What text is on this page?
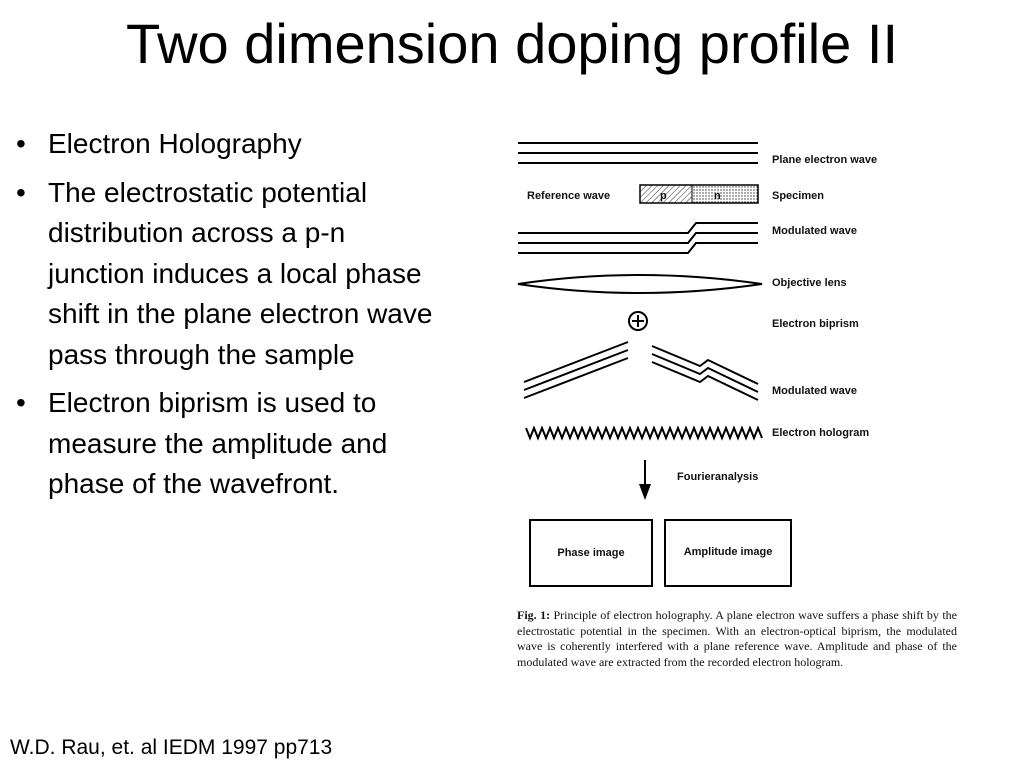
Two dimension doping profile II
• Electron Holography
• The electrostatic potential distribution across a p-n junction induces a local phase shift in the plane electron wave pass through the sample
• Electron biprism is used to measure the amplitude and phase of the wavefront.
Plane electron wave
Reference wave	p	n	Specimen
Modulated wave
Objective lens
Electron biprism
Modulated wave
Electron hologram
Fourieranalysis
Phase image	Amplitude image
Fig. 1: Principle of electron holography. A plane electron wave suffers a phase shift by the electrostatic potential in the specimen. With an electron-optical biprism, the modulated wave is coherently interfered with a plane reference wave. Amplitude and phase of the modulated wave are extracted from the recorded electron hologram.
W.D. Rau, et. al IEDM 1997 pp713
